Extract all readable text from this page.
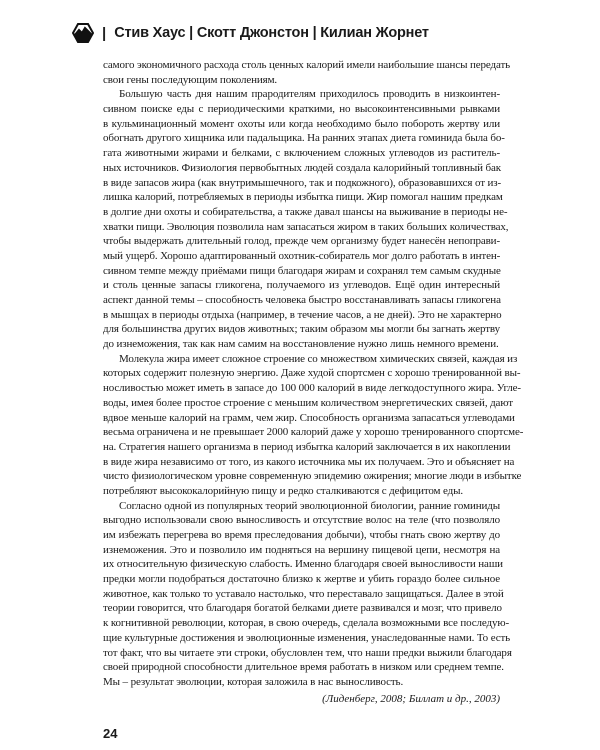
| Стив Хаус | Скотт Джонстон | Килиан Жорнет
самого экономичного расхода столь ценных калорий имели наибольшие шансы передать
свои гены последующим поколениям.
Большую часть дня нашим прародителям приходилось проводить в низкоинтен-
сивном поиске еды с периодическими краткими, но высокоинтенсивными рывками
в кульминационный момент охоты или когда необходимо было побороть жертву или
обогнать другого хищника или падальщика. На ранних этапах диета гоминида была бо-
гата животными жирами и белками, с включением сложных углеводов из раститель-
ных источников. Физиология первобытных людей создала калорийный топливный бак
в виде запасов жира (как внутримышечного, так и подкожного), образовавшихся от из-
лишка калорий, потребляемых в периоды избытка пищи. Жир помогал нашим предкам
в долгие дни охоты и собирательства, а также давал шансы на выживание в периоды не-
хватки пищи. Эволюция позволила нам запасаться жиром в таких больших количествах,
чтобы выдержать длительный голод, прежде чем организму будет нанесён непоправи-
мый ущерб. Хорошо адаптированный охотник-собиратель мог долго работать в интен-
сивном темпе между приёмами пищи благодаря жирам и сохранял тем самым скудные
и столь ценные запасы гликогена, получаемого из углеводов. Ещё один интересный
аспект данной темы – способность человека быстро восстанавливать запасы гликогена
в мышцах в периоды отдыха (например, в течение часов, а не дней). Это не характерно
для большинства других видов животных; таким образом мы могли бы загнать жертву
до изнеможения, так как нам самим на восстановление нужно лишь немного времени.
Молекула жира имеет сложное строение со множеством химических связей, каждая из
которых содержит полезную энергию. Даже худой спортсмен с хорошо тренированной вы-
носливостью может иметь в запасе до 100 000 калорий в виде легкодоступного жира. Угле-
воды, имея более простое строение с меньшим количеством энергетических связей, дают
вдвое меньше калорий на грамм, чем жир. Способность организма запасаться углеводами
весьма ограничена и не превышает 2000 калорий даже у хорошо тренированного спортсме-
на. Стратегия нашего организма в период избытка калорий заключается в их накоплении
в виде жира независимо от того, из какого источника мы их получаем. Это и объясняет на
чисто физиологическом уровне современную эпидемию ожирения; многие люди в избытке
потребляют высококалорийную пищу и редко сталкиваются с дефицитом еды.
Согласно одной из популярных теорий эволюционной биологии, ранние гоминиды
выгодно использовали свою выносливость и отсутствие волос на теле (что позволяло
им избежать перегрева во время преследования добычи), чтобы гнать свою жертву до
изнеможения. Это и позволило им подняться на вершину пищевой цепи, несмотря на
их относительную физическую слабость. Именно благодаря своей выносливости наши
предки могли подобраться достаточно близко к жертве и убить гораздо более сильное
животное, как только то уставало настолько, что переставало защищаться. Далее в этой
теории говорится, что благодаря богатой белками диете развивался и мозг, что привело
к когнитивной революции, которая, в свою очередь, сделала возможными все последую-
щие культурные достижения и эволюционные изменения, унаследованные нами. То есть
тот факт, что вы читаете эти строки, обусловлен тем, что наши предки выжили благодаря
своей природной способности длительное время работать в низком или среднем темпе.
Мы – результат эволюции, которая заложила в нас выносливость.
(Лиденберг, 2008; Биллат и др., 2003)
24
